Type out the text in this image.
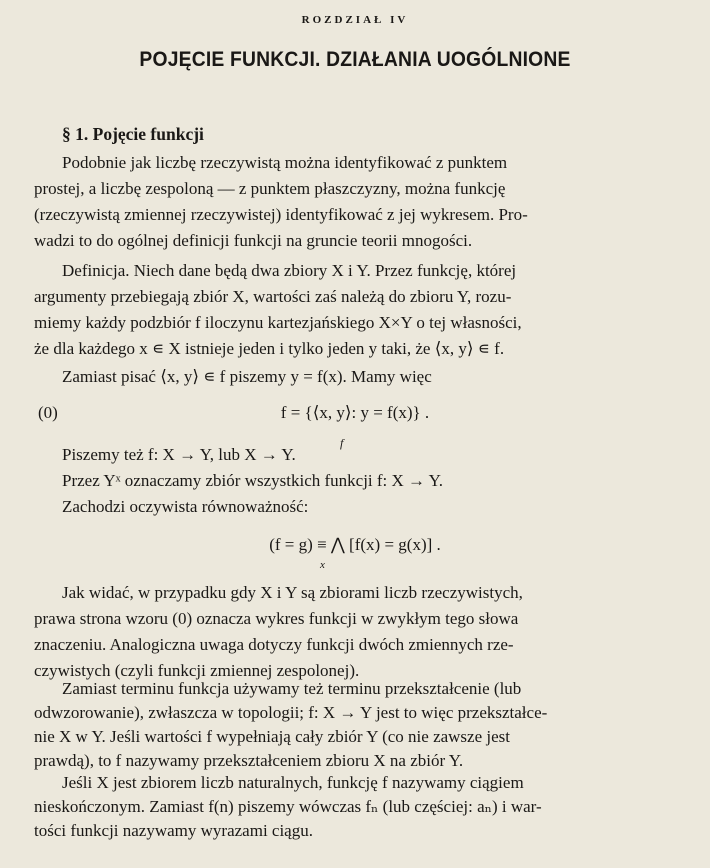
ROZDZIAŁ IV
POJĘCIE FUNKCJI. DZIAŁANIA UOGÓLNIONE
§ 1. Pojęcie funkcji
Podobnie jak liczbę rzeczywistą można identyfikować z punktem
prostej, a liczbę zespoloną — z punktem płaszczyzny, można funkcję
(rzeczywistą zmiennej rzeczywistej) identyfikować z jej wykresem. Pro-
wadzi to do ogólnej definicji funkcji na gruncie teorii mnogości.
Definicja. Niech dane będą dwa zbiory X i Y. Przez funkcję, której
argumenty przebiegają zbiór X, wartości zaś należą do zbioru Y, rozu-
miemy każdy podzbiór f iloczynu kartezjańskiego X×Y o tej własności,
że dla każdego x ∊ X istnieje jeden i tylko jeden y taki, że ⟨x, y⟩ ∊ f.
Zamiast pisać ⟨x, y⟩ ∊ f piszemy y = f(x). Mamy więc
(0)	f = {⟨x, y⟩: y = f(x)} .
Piszemy też f: X → Y, lub X → Y.
f
Przez Yˣ oznaczamy zbiór wszystkich funkcji f: X → Y.
Zachodzi oczywista równoważność:
(f = g) ≡ ⋀ [f(x) = g(x)] .
x
Jak widać, w przypadku gdy X i Y są zbiorami liczb rzeczywistych,
prawa strona wzoru (0) oznacza wykres funkcji w zwykłym tego słowa
znaczeniu. Analogiczna uwaga dotyczy funkcji dwóch zmiennych rze-
czywistych (czyli funkcji zmiennej zespolonej).
Zamiast terminu funkcja używamy też terminu przekształcenie (lub
odwzorowanie), zwłaszcza w topologii; f: X → Y jest to więc przekształce-
nie X w Y. Jeśli wartości f wypełniają cały zbiór Y (co nie zawsze jest
prawdą), to f nazywamy przekształceniem zbioru X na zbiór Y.
Jeśli X jest zbiorem liczb naturalnych, funkcję f nazywamy ciągiem
nieskończonym. Zamiast f(n) piszemy wówczas fₙ (lub częściej: aₙ) i war-
tości funkcji nazywamy wyrazami ciągu.
